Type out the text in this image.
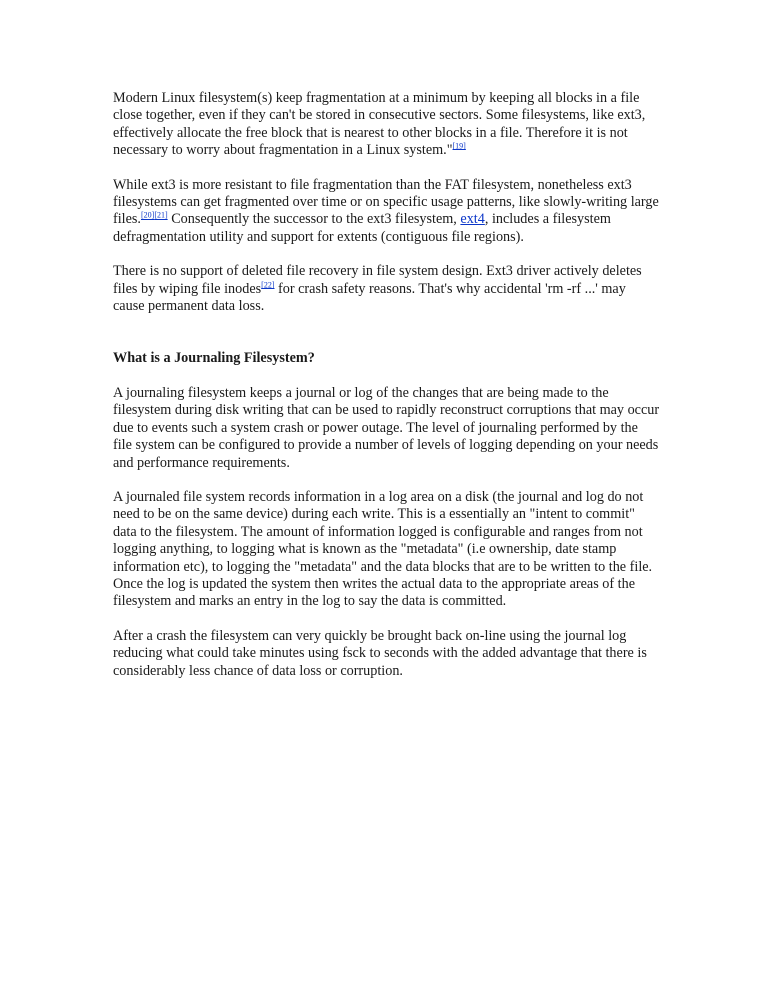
Modern Linux filesystem(s) keep fragmentation at a minimum by keeping all blocks in a file close together, even if they can't be stored in consecutive sectors. Some filesystems, like ext3, effectively allocate the free block that is nearest to other blocks in a file. Therefore it is not necessary to worry about fragmentation in a Linux system."[19]

While ext3 is more resistant to file fragmentation than the FAT filesystem, nonetheless ext3 filesystems can get fragmented over time or on specific usage patterns, like slowly-writing large files.[20][21] Consequently the successor to the ext3 filesystem, ext4, includes a filesystem defragmentation utility and support for extents (contiguous file regions).

There is no support of deleted file recovery in file system design. Ext3 driver actively deletes files by wiping file inodes[22] for crash safety reasons. That's why accidental 'rm -rf ...' may cause permanent data loss.

What is a Journaling Filesystem?

A journaling filesystem keeps a journal or log of the changes that are being made to the filesystem during disk writing that can be used to rapidly reconstruct corruptions that may occur due to events such a system crash or power outage. The level of journaling performed by the file system can be configured to provide a number of levels of logging depending on your needs and performance requirements.

A journaled file system records information in a log area on a disk (the journal and log do not need to be on the same device) during each write. This is a essentially an "intent to commit" data to the filesystem. The amount of information logged is configurable and ranges from not logging anything, to logging what is known as the "metadata" (i.e ownership, date stamp information etc), to logging the "metadata" and the data blocks that are to be written to the file. Once the log is updated the system then writes the actual data to the appropriate areas of the filesystem and marks an entry in the log to say the data is committed.

After a crash the filesystem can very quickly be brought back on-line using the journal log reducing what could take minutes using fsck to seconds with the added advantage that there is considerably less chance of data loss or corruption.
